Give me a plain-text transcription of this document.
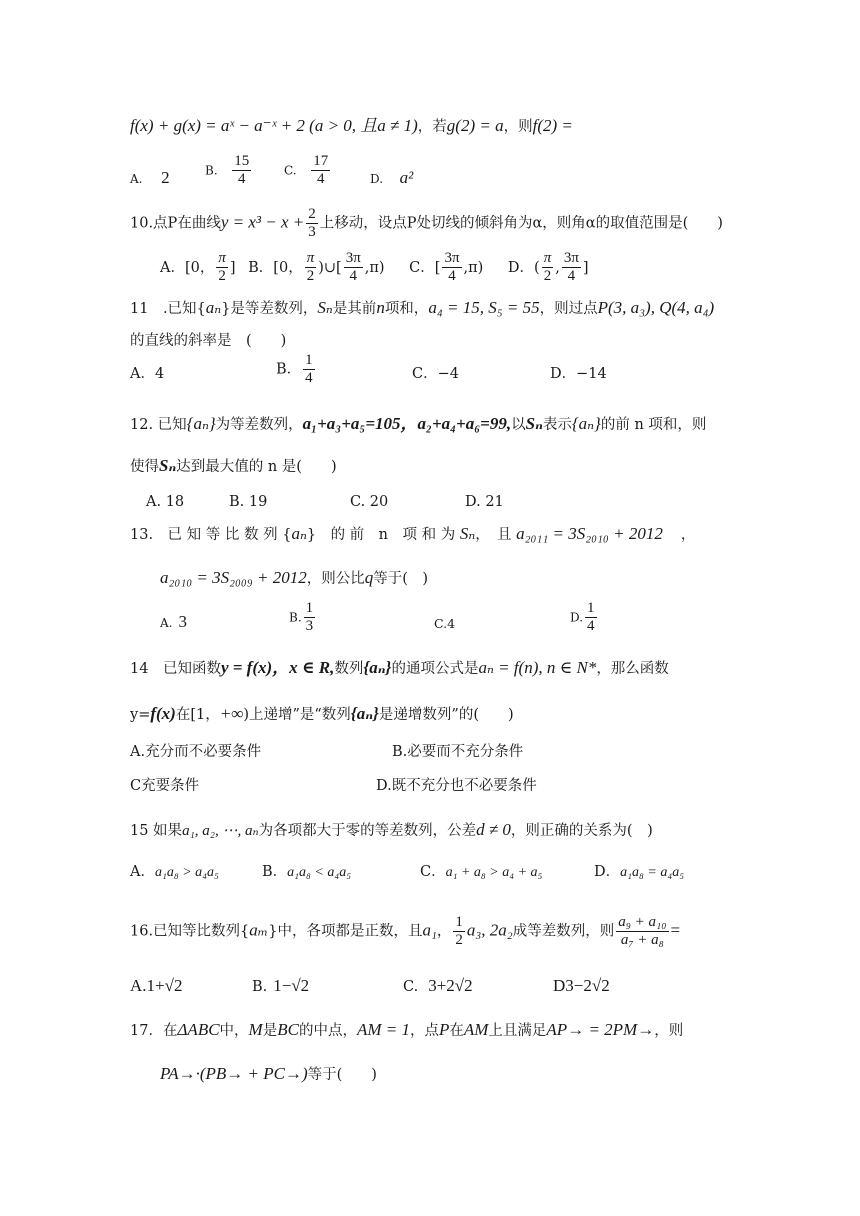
f(x) + g(x) = aˣ − a⁻ˣ + 2 (a > 0, 且a ≠ 1)，若g(2) = a，则f(2) =
A. 2	B. $\frac{15}{4}$	C. $\frac{17}{4}$	D. a²
10.点P在曲线$y = x^3 - x + \frac{2}{3}$ 上移动，设点P处切线的倾斜角为α，则角α的取值范围是(　　)
A．[0， $\frac{\pi}{2}$ ] B．[0， $\frac{\pi}{2}$ )∪[ $\frac{3\pi}{4} ,\pi$) C．[ $\frac{3\pi}{4} ,\pi$) D．( $\frac{\pi}{2}$ , $\frac{3\pi}{4}$ ]
11　.已知{aₙ}是等差数列，Sₙ是其前n项和，a₄ = 15, S₅ = 55，则过点P(3, a₃), Q(4, a₄)
的直线的斜率是　(　　)
A．4	B． $\frac{1}{4}$	C．−4	D．−14
12. 已知{aₙ}为等差数列，a₁+a₃+a₅=105，a₂+a₄+a₆=99,以Sₙ表示{aₙ}的前 n 项和，则
使得Sₙ达到最大值的 n 是(　　)
A. 18	B. 19	C. 20	D. 21
13.　已 知 等 比 数 列 {aₙ}　的 前　n　项 和 为 Sₙ，　且 a₂₀₁₁ = 3S₂₀₁₀ + 2012 ，
a₂₀₁₀ = 3S₂₀₀₉ + 2012，则公比q等于(　)
A. 3	B. $\frac{1}{3}$	C.4	D. $\frac{1}{4}$
14　已知函数y = f(x)，x ∈ R,数列{aₙ}的通项公式是aₙ = f(n), n ∈ N*，那么函数
y=f(x)在[1，+∞)上递增”是“数列{aₙ}是递增数列”的(　　)
A.充分而不必要条件	B.必要而不充分条件
C充要条件	D.既不充分也不必要条件
15 如果a₁, a₂, ⋯, aₙ为各项都大于零的等差数列，公差d ≠ 0，则正确的关系为(　)
A．a₁a₈ > a₄a₅	B．a₁a₈ < a₄a₅	C．a₁ + a₈ > a₄ + a₅	D．a₁a₈ = a₄a₅
16.已知等比数列{aₘ}中，各项都是正数，且a₁， $\frac{1}{2} a_3$, 2a₂成等差数列，则 $\frac{\text{a₉ + a₁₀}}{\text{a₇ + a₈}}$ =
A.1+√2	B. 1−√2	C. 3+2√2	D3−2√2
17．在ΔABC中，M是BC的中点，AM = 1，点P在AM上且满足AP→ = 2PM→，则
PA→·(PB→ + PC→)等于(　　)
